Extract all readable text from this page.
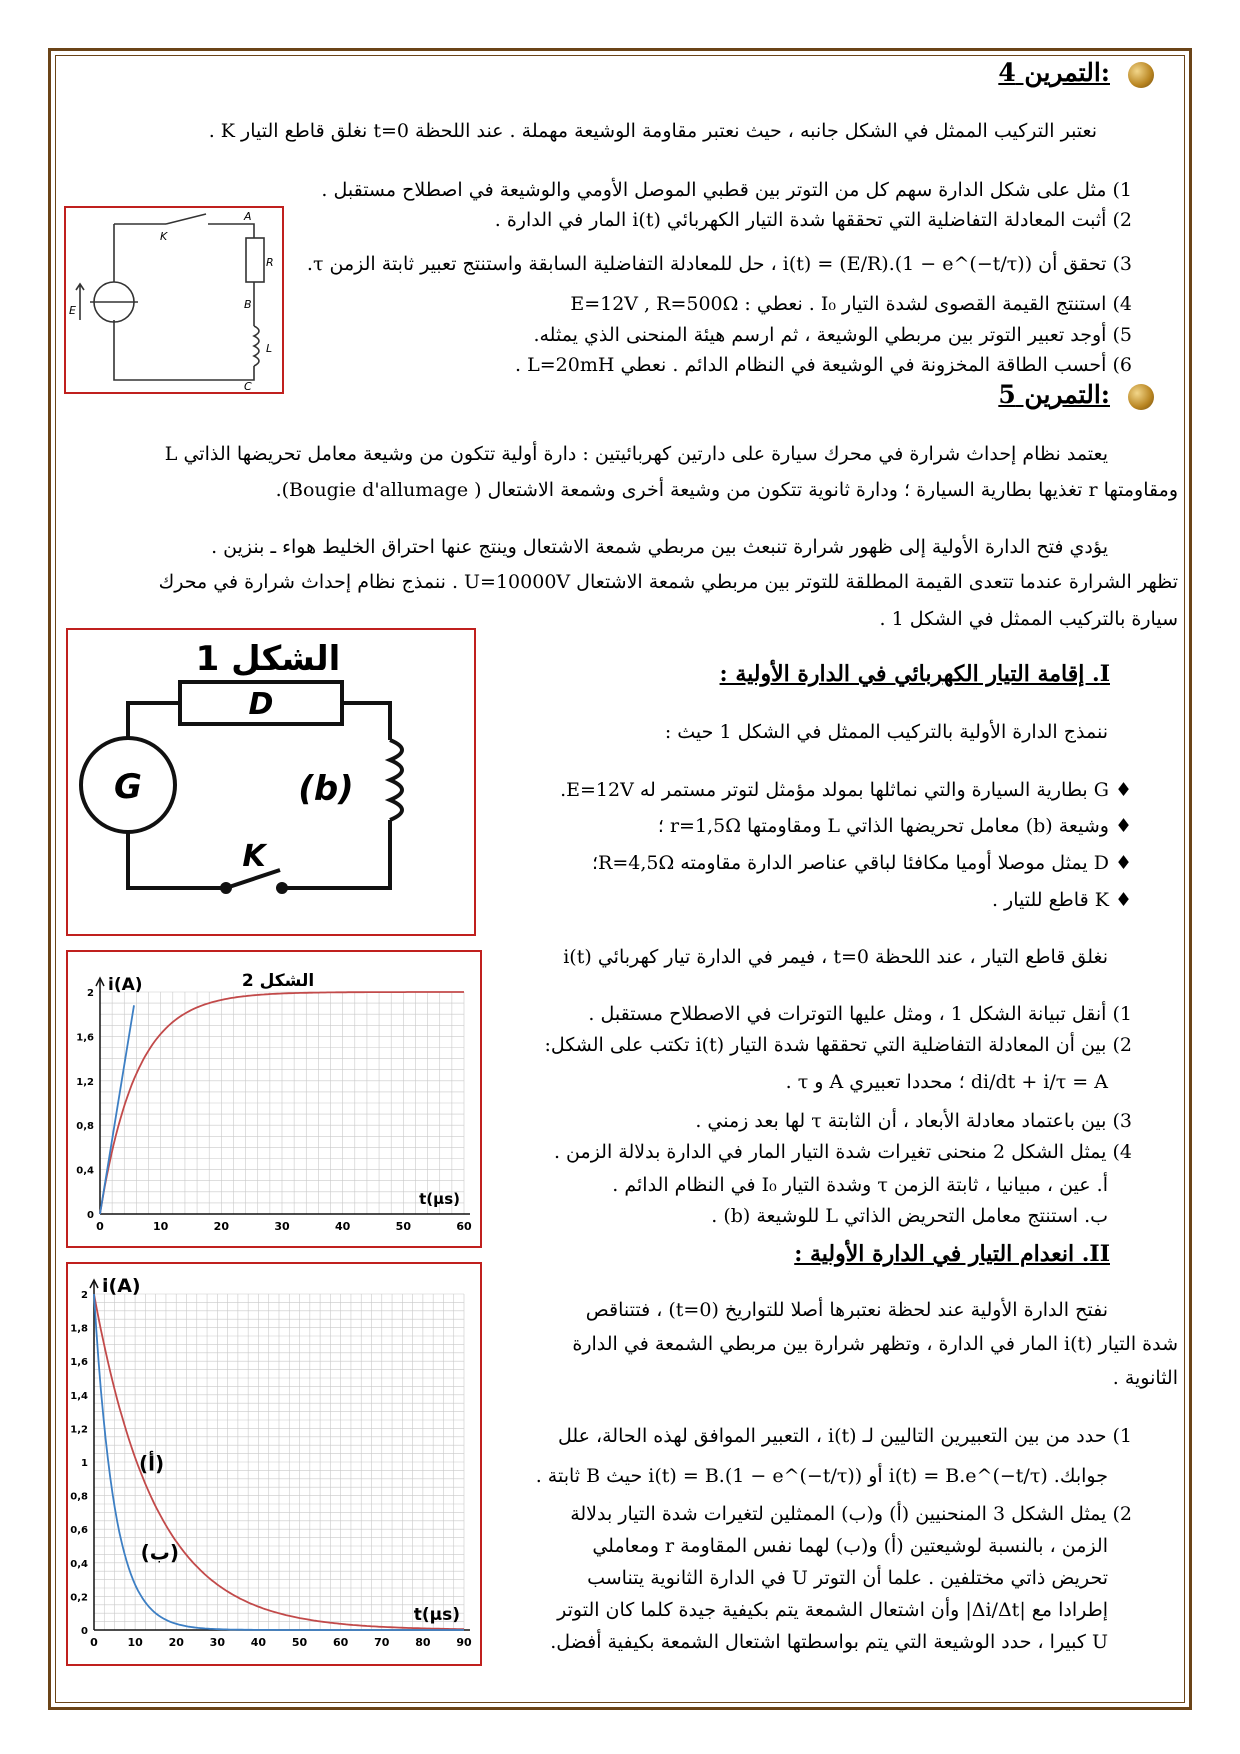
:التمرين 4
نعتبر التركيب الممثل في الشكل جانبه ، حيث نعتبر مقاومة الوشيعة مهملة . عند اللحظة t=0 نغلق قاطع التيار K .
1) مثل على شكل الدارة سهم كل من التوتر بين قطبي الموصل الأومي والوشيعة في اصطلاح مستقبل .
2) أثبت المعادلة التفاضلية التي تحققها شدة التيار الكهربائي i(t) المار في الدارة .
3) تحقق أن i(t) = (E/R).(1 − e^(−t/τ)) ، حل للمعادلة التفاضلية السابقة واستنتج تعبير ثابتة الزمن τ.
4) استنتج القيمة القصوى لشدة التيار I₀ . نعطي : E=12V , R=500Ω
5) أوجد تعبير التوتر بين مربطي الوشيعة ، ثم ارسم هيئة المنحنى الذي يمثله.
6) أحسب الطاقة المخزونة في الوشيعة في النظام الدائم . نعطي L=20mH .
A
R
B
L
C
K
E
:التمرين 5
يعتمد نظام إحداث شرارة في محرك سيارة على دارتين كهربائيتين : دارة أولية تتكون من وشيعة معامل تحريضها الذاتي L
ومقاومتها r تغذيها بطارية السيارة ؛ ودارة ثانوية تتكون من وشيعة أخرى وشمعة الاشتعال ( Bougie d'allumage).
يؤدي فتح الدارة الأولية إلى ظهور شرارة تنبعث بين مربطي شمعة الاشتعال وينتج عنها احتراق الخليط هواء ـ بنزين .
تظهر الشرارة عندما تتعدى القيمة المطلقة للتوتر بين مربطي شمعة الاشتعال U=10000V . ننمذج نظام إحداث شرارة في محرك
سيارة بالتركيب الممثل في الشكل 1 .
الشكل 1
D
G	(b)
K
I. إقامة التيار الكهربائي في الدارة الأولية :
ننمذج الدارة الأولية بالتركيب الممثل في الشكل 1 حيث :
♦ G بطارية السيارة والتي نماثلها بمولد مؤمثل لتوتر مستمر له E=12V.
♦ وشيعة (b) معامل تحريضها الذاتي L ومقاومتها r=1,5Ω ؛
♦ D يمثل موصلا أوميا مكافئا لباقي عناصر الدارة مقاومته R=4,5Ω؛
♦ K قاطع للتيار .
نغلق قاطع التيار ، عند اللحظة t=0 ، فيمر في الدارة تيار كهربائي i(t)
1) أنقل تبيانة الشكل 1 ، ومثل عليها التوترات في الاصطلاح مستقبل .
2) بين أن المعادلة التفاضلية التي تحققها شدة التيار i(t) تكتب على الشكل:
di/dt + i/τ = A ؛ محددا تعبيري A و τ .
3) بين باعتماد معادلة الأبعاد ، أن الثابتة τ لها بعد زمني .
4) يمثل الشكل 2 منحنى تغيرات شدة التيار المار في الدارة بدلالة الزمن .
أ. عين ، مبيانيا ، ثابتة الزمن τ وشدة التيار I₀ في النظام الدائم .
ب. استنتج معامل التحريض الذاتي L للوشيعة (b) .
0	10	20	30	40	50	60
0
0,4
0,8
1,2
1,6
2 i(A)
t(µs)
الشكل 2
II. انعدام التيار في الدارة الأولية :
نفتح الدارة الأولية عند لحظة نعتبرها أصلا للتواريخ (t=0) ، فتتناقص
شدة التيار i(t) المار في الدارة ، وتظهر شرارة بين مربطي الشمعة في الدارة
الثانوية .
1) حدد من بين التعبيرين التاليين لـ i(t) ، التعبير الموافق لهذه الحالة، علل
جوابك. i(t) = B.e^(−t/τ) أو i(t) = B.(1 − e^(−t/τ)) حيث B ثابتة .
2) يمثل الشكل 3 المنحنيين (أ) و(ب) الممثلين لتغيرات شدة التيار بدلالة
الزمن ، بالنسبة لوشيعتين (أ) و(ب) لهما نفس المقاومة r ومعاملي
تحريض ذاتي مختلفين . علما أن التوتر U في الدارة الثانوية يتناسب
إطرادا مع |Δi/Δt| وأن اشتعال الشمعة يتم بكيفية جيدة كلما كان التوتر
U كبيرا ، حدد الوشيعة التي يتم بواسطتها اشتعال الشمعة بكيفية أفضل.
0	10 20 30 40 50 60 70 80 90
0
0,2
0,4
0,6
0,8
1
1,2
1,4
1,6
1,8
2 i(A)
t(µs)
(أ)
(ب)
